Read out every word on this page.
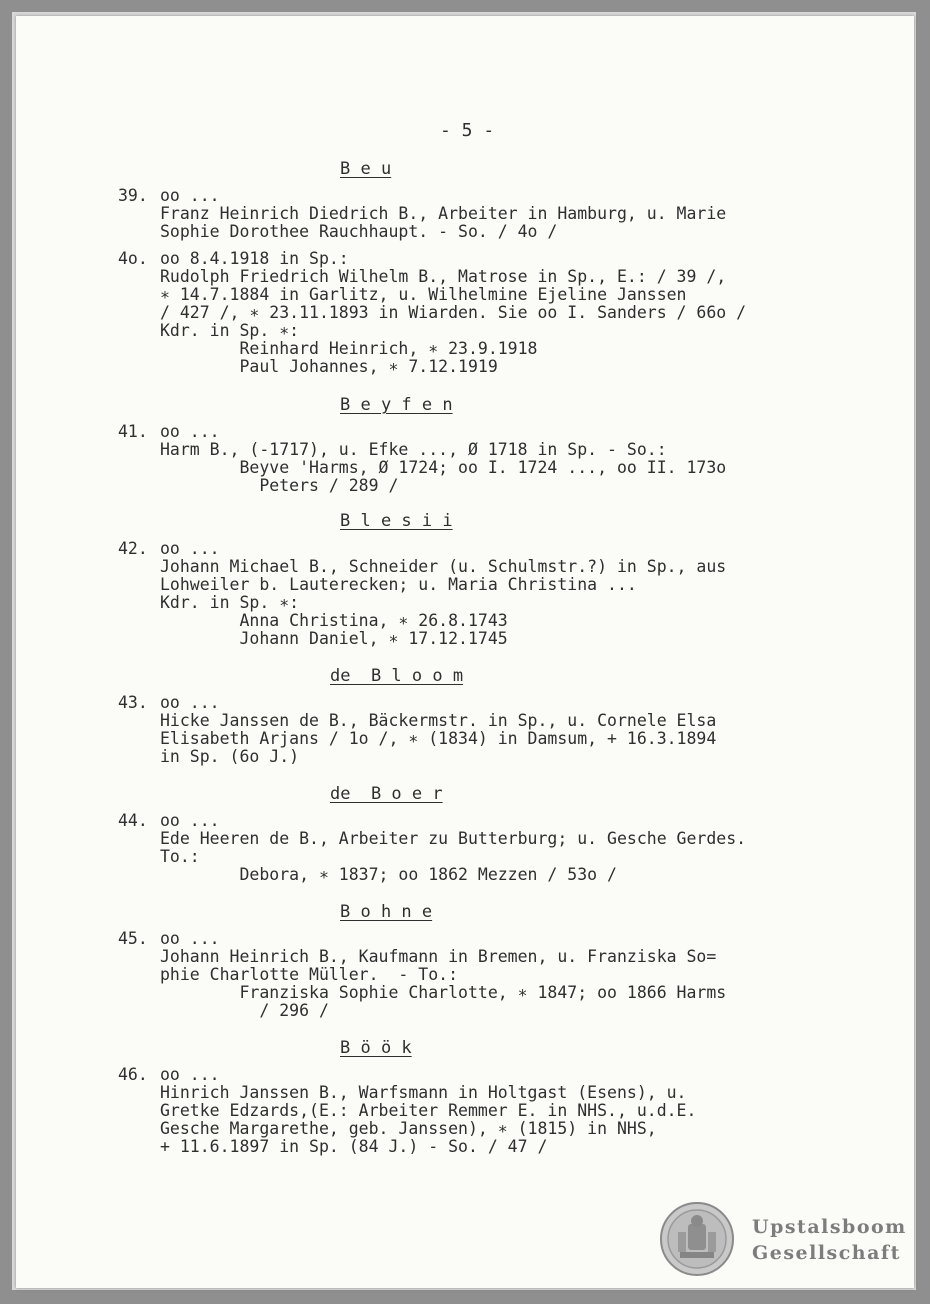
- 5 -
B e u
39. oo ...
Franz Heinrich Diedrich B., Arbeiter in Hamburg, u. Marie
Sophie Dorothee Rauchhaupt. - So. / 4o /
4o. oo 8.4.1918 in Sp.:
Rudolph Friedrich Wilhelm B., Matrose in Sp., E.: / 39 /,
∗ 14.7.1884 in Garlitz, u. Wilhelmine Ejeline Janssen
/ 427 /, ∗ 23.11.1893 in Wiarden. Sie oo I. Sanders / 66o /
Kdr. in Sp. ∗:
Reinhard Heinrich, ∗ 23.9.1918
Paul Johannes, ∗ 7.12.1919
B e y f e n
41. oo ...
Harm B., (-1717), u. Efke ..., Ø 1718 in Sp. - So.:
Beyve 'Harms, Ø 1724; oo I. 1724 ..., oo II. 173o
Peters / 289 /
B l e s i i
42. oo ...
Johann Michael B., Schneider (u. Schulmstr.?) in Sp., aus
Lohweiler b. Lauterecken; u. Maria Christina ...
Kdr. in Sp. ∗:
Anna Christina, ∗ 26.8.1743
Johann Daniel, ∗ 17.12.1745
de  B l o o m
43. oo ...
Hicke Janssen de B., Bäckermstr. in Sp., u. Cornele Elsa
Elisabeth Arjans / 1o /, ∗ (1834) in Damsum, + 16.3.1894
in Sp. (6o J.)
de  B o e r
44. oo ...
Ede Heeren de B., Arbeiter zu Butterburg; u. Gesche Gerdes.
To.:
Debora, ∗ 1837; oo 1862 Mezzen / 53o /
B o h n e
45. oo ...
Johann Heinrich B., Kaufmann in Bremen, u. Franziska So=
phie Charlotte Müller.  - To.:
Franziska Sophie Charlotte, ∗ 1847; oo 1866 Harms
/ 296 /
B ö ö k
46. oo ...
Hinrich Janssen B., Warfsmann in Holtgast (Esens), u.
Gretke Edzards,(E.: Arbeiter Remmer E. in NHS., u.d.E.
Gesche Margarethe, geb. Janssen), ∗ (1815) in NHS,
+ 11.6.1897 in Sp. (84 J.) - So. / 47 /
Upstalsboom
Gesellschaft
